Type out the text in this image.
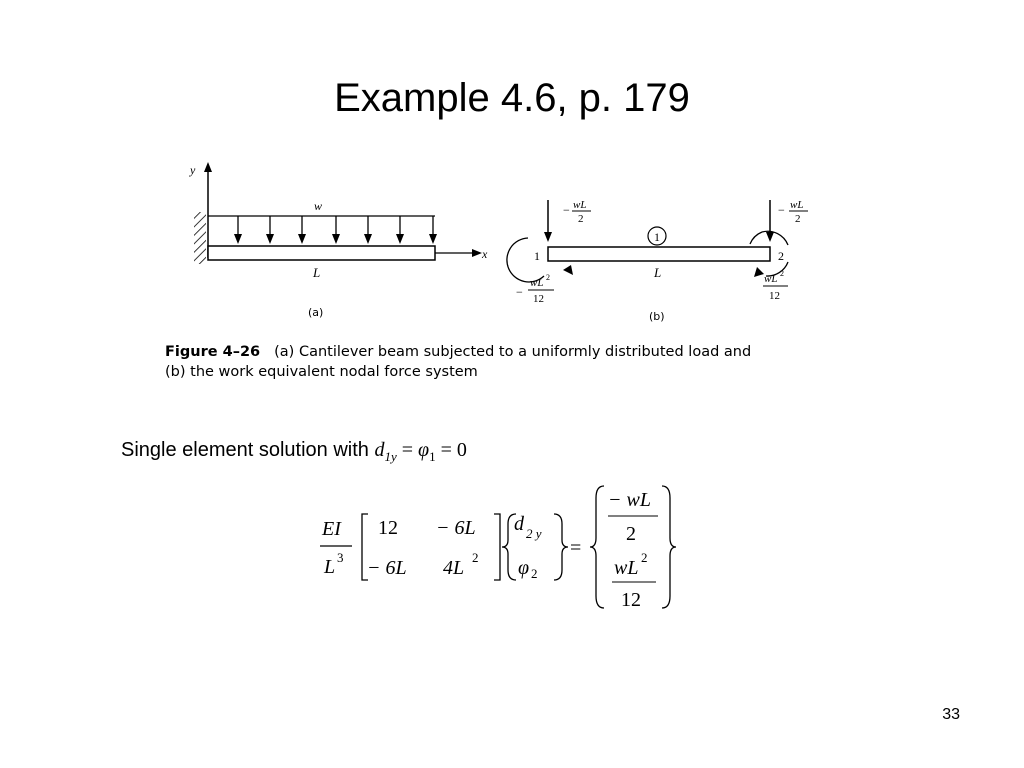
Example 4.6, p. 179
y
x
w
L
(a)
1
1
− wL
2
−
wL 2
12
2
− wL
2
wL 2
12
L
(b)
Figure 4–26 (a) Cantilever beam subjected to a uniformly distributed load and
(b) the work equivalent nodal force system
Single element solution with $d_{1y} = \varphi_1 = 0$
EI
L 3
12 − 6L
− 6L 4L 2
d 2 y
φ 2
=
− wL
2
wL 2
12
33
